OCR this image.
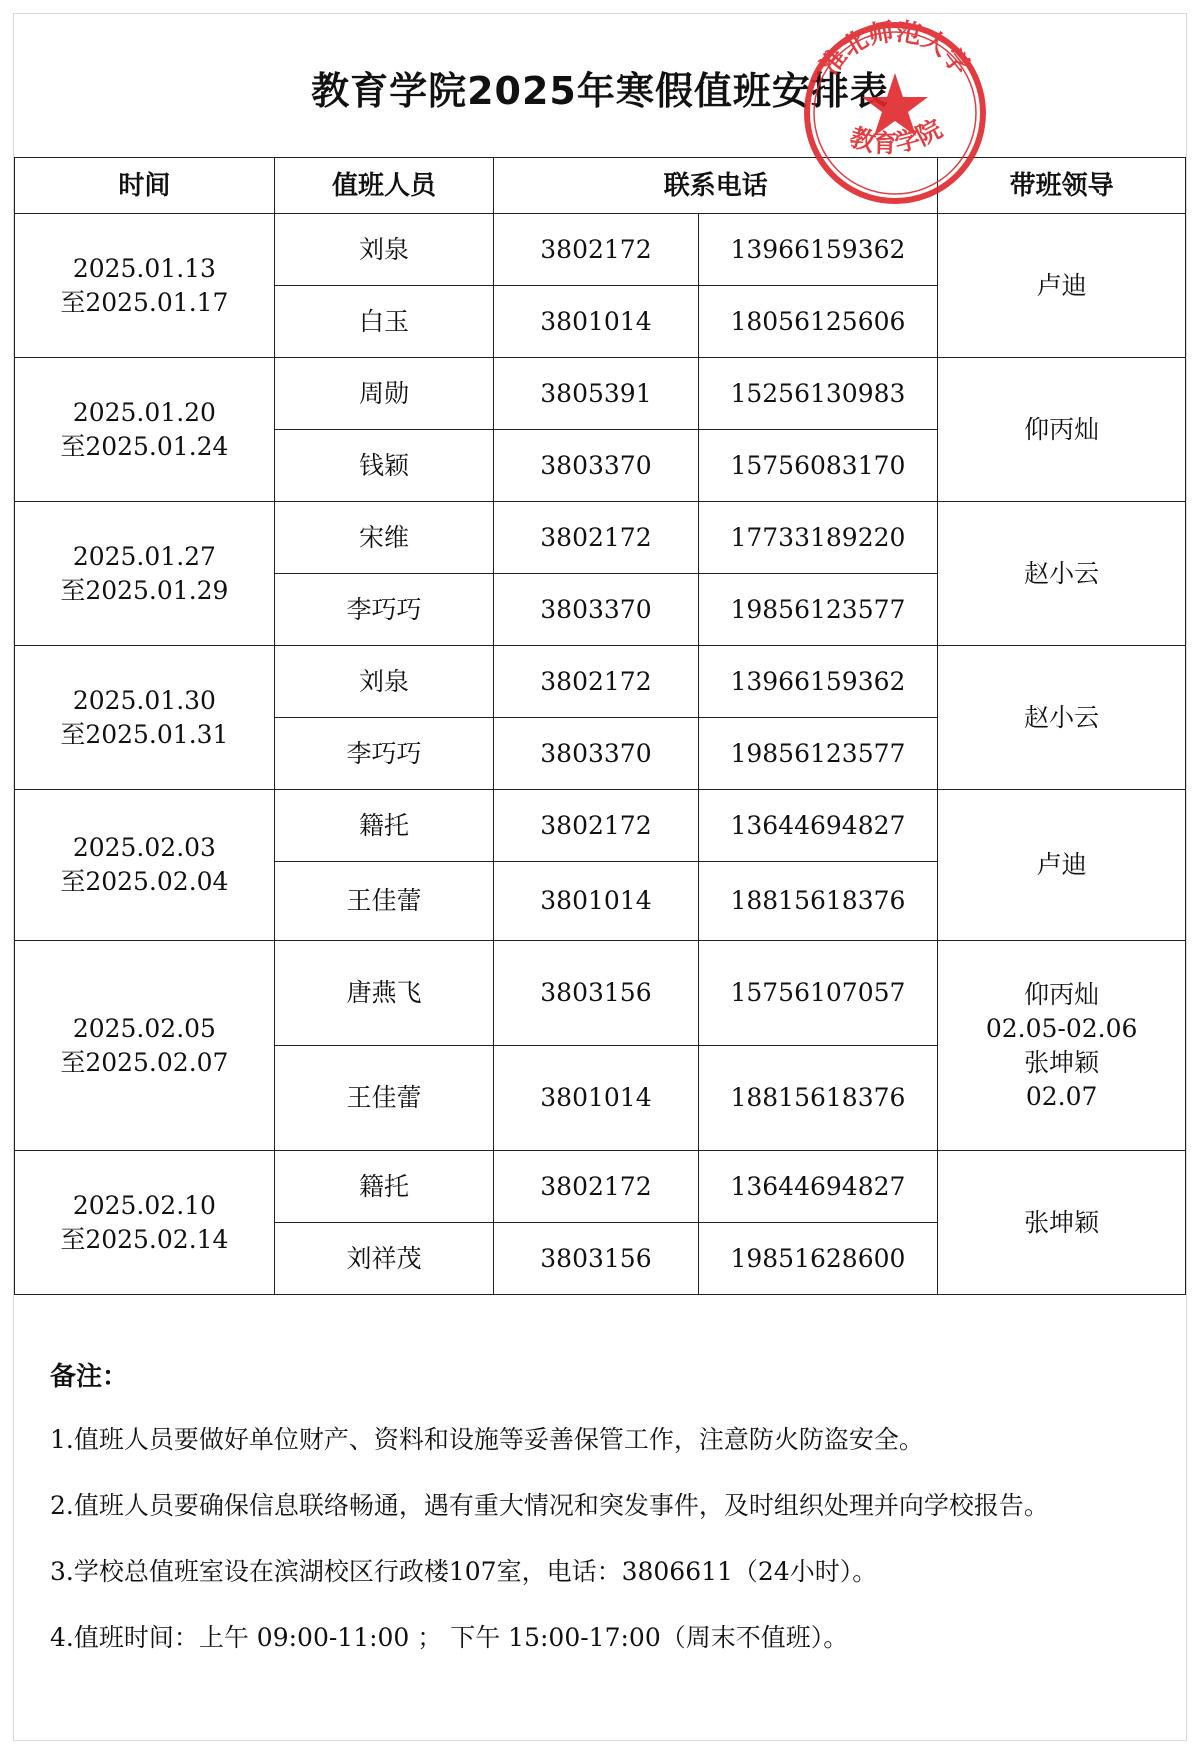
教育学院2025年寒假值班安排表
时间	值班人员	联系电话		带班领导

2025.01.13
至2025.01.17	刘泉	3802172	13966159362	卢迪

	白玉	3801014	18056125606	

2025.01.20
至2025.01.24	周勋	3805391	15256130983	仰丙灿

	钱颖	3803370	15756083170	

2025.01.27
至2025.01.29	宋维	3802172	17733189220	赵小云

	李巧巧	3803370	19856123577	

2025.01.30
至2025.01.31	刘泉	3802172	13966159362	赵小云

	李巧巧	3803370	19856123577	

2025.02.03
至2025.02.04	籍托	3802172	13644694827	卢迪

	王佳蕾	3801014	18815618376	

2025.02.05
至2025.02.07	唐燕飞	3803156	15756107057	仰丙灿
02.05-02.06
张坤颖
02.07

	王佳蕾	3801014	18815618376	

2025.02.10
至2025.02.14	籍托	3802172	13644694827	张坤颖

	刘祥茂	3803156	19851628600	
备注：
1.值班人员要做好单位财产、资料和设施等妥善保管工作，注意防火防盗安全。
2.值班人员要确保信息联络畅通，遇有重大情况和突发事件，及时组织处理并向学校报告。
3.学校总值班室设在滨湖校区行政楼107室，电话：3806611（24小时）。
4.值班时间：上午 09:00-11:00 ； 下午 15:00-17:00（周末不值班）。
淮北师范大学
教育学院
